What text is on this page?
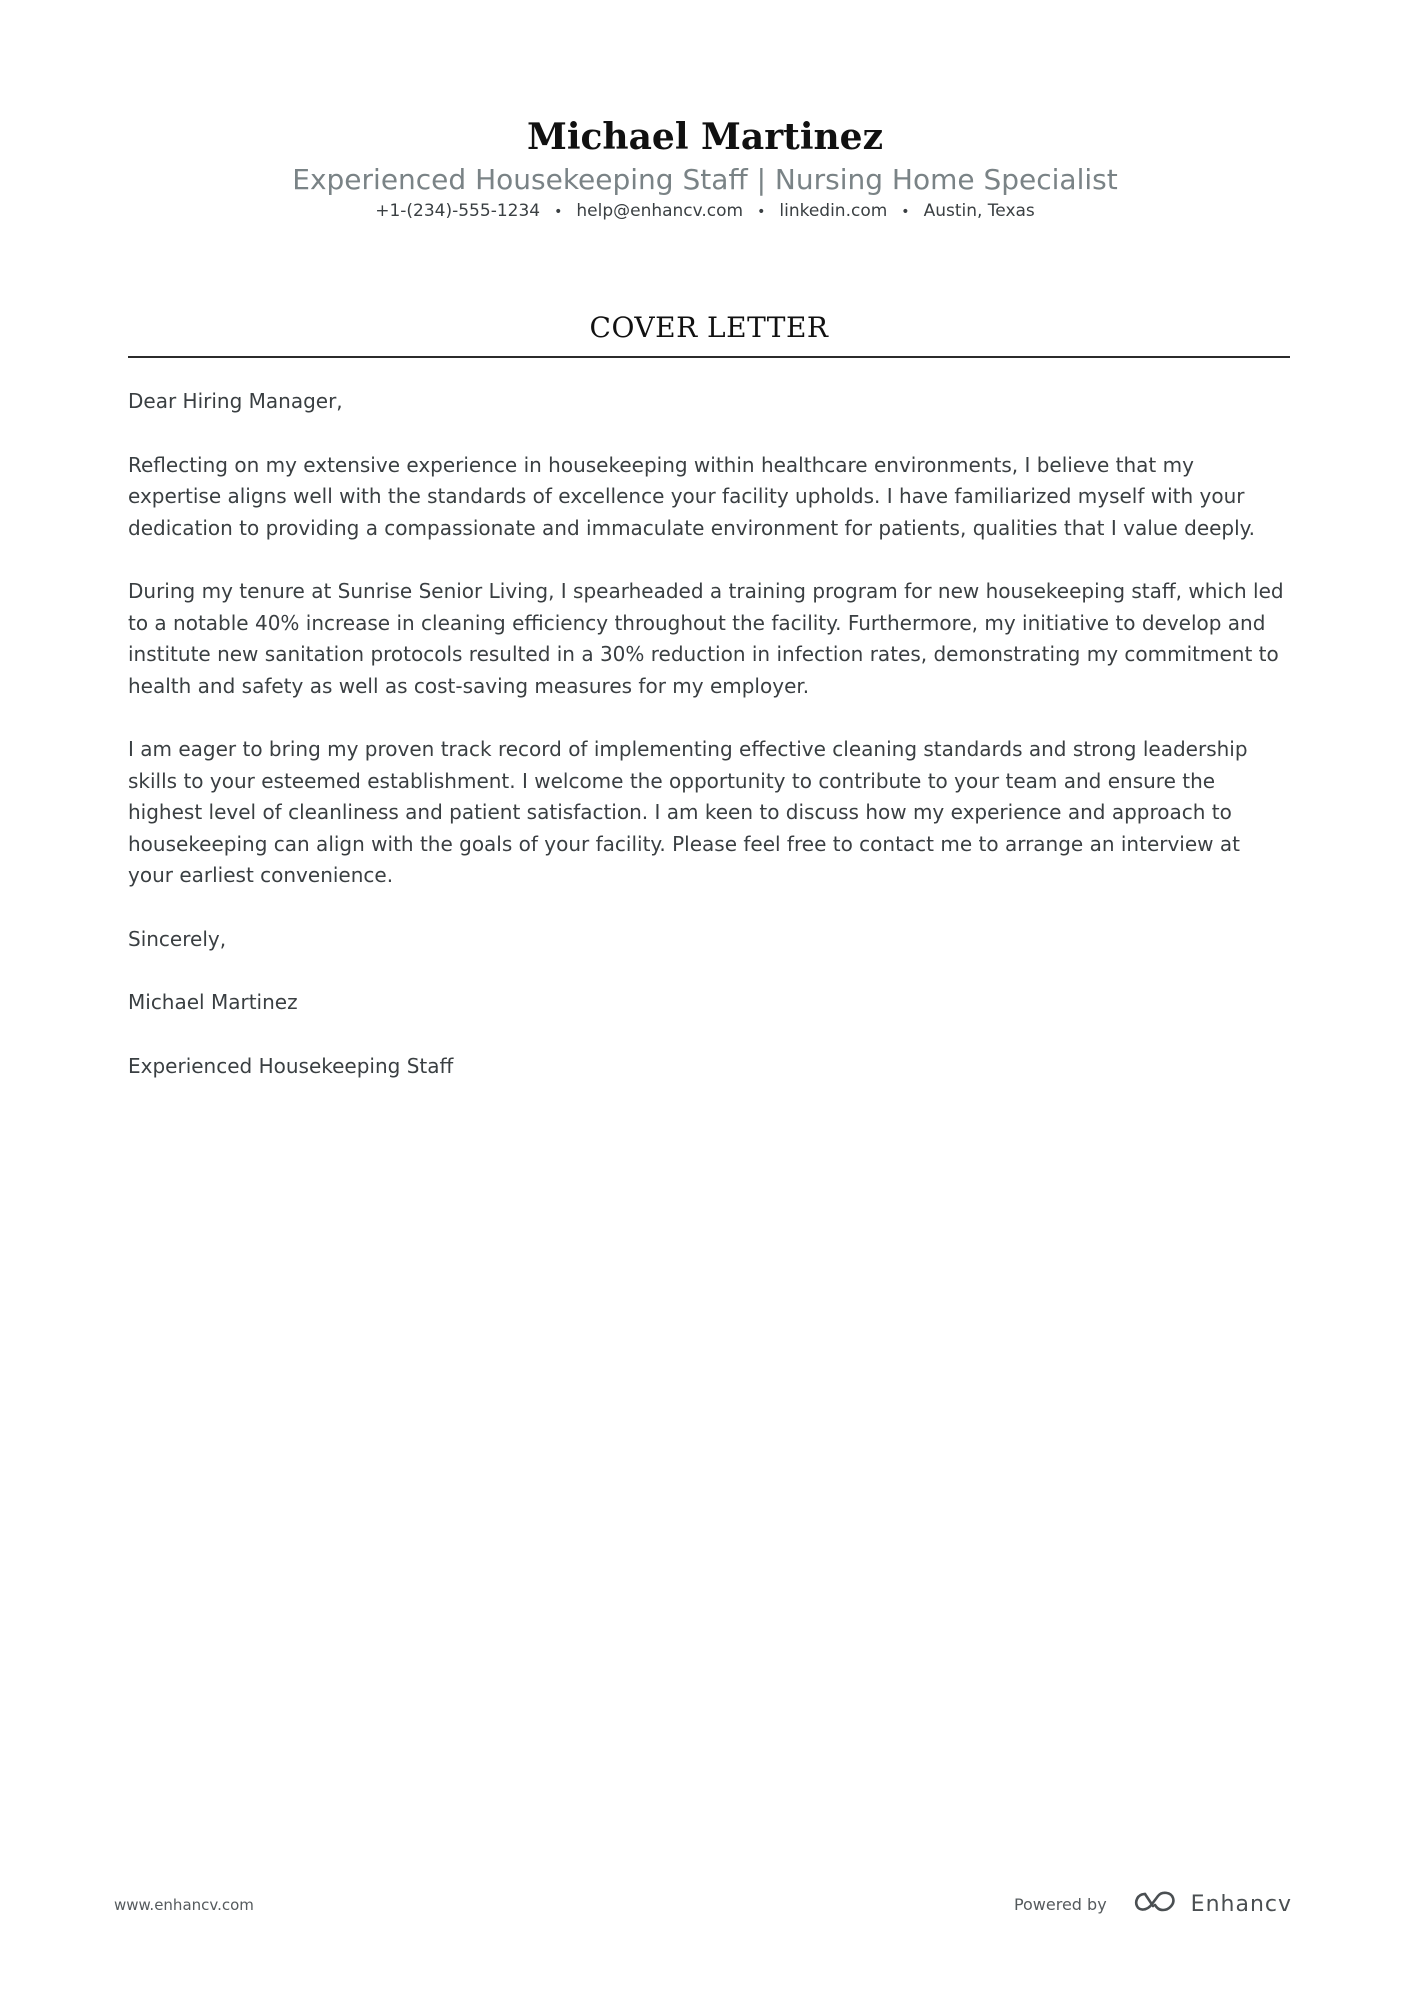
Michael Martinez
Experienced Housekeeping Staff | Nursing Home Specialist
+1-(234)-555-1234 • help@enhancv.com • linkedin.com • Austin, Texas
COVER LETTER

Dear Hiring Manager,

Reflecting on my extensive experience in housekeeping within healthcare environments, I believe that my expertise aligns well with the standards of excellence your facility upholds. I have familiarized myself with your dedication to providing a compassionate and immaculate environment for patients, qualities that I value deeply.

During my tenure at Sunrise Senior Living, I spearheaded a training program for new housekeeping staff, which led to a notable 40% increase in cleaning efficiency throughout the facility. Furthermore, my initiative to develop and institute new sanitation protocols resulted in a 30% reduction in infection rates, demonstrating my commitment to health and safety as well as cost-saving measures for my employer.

I am eager to bring my proven track record of implementing effective cleaning standards and strong leadership skills to your esteemed establishment. I welcome the opportunity to contribute to your team and ensure the highest level of cleanliness and patient satisfaction. I am keen to discuss how my experience and approach to housekeeping can align with the goals of your facility. Please feel free to contact me to arrange an interview at your earliest convenience.

Sincerely,

Michael Martinez

Experienced Housekeeping Staff

www.enhancv.com	Powered by	Enhancv
